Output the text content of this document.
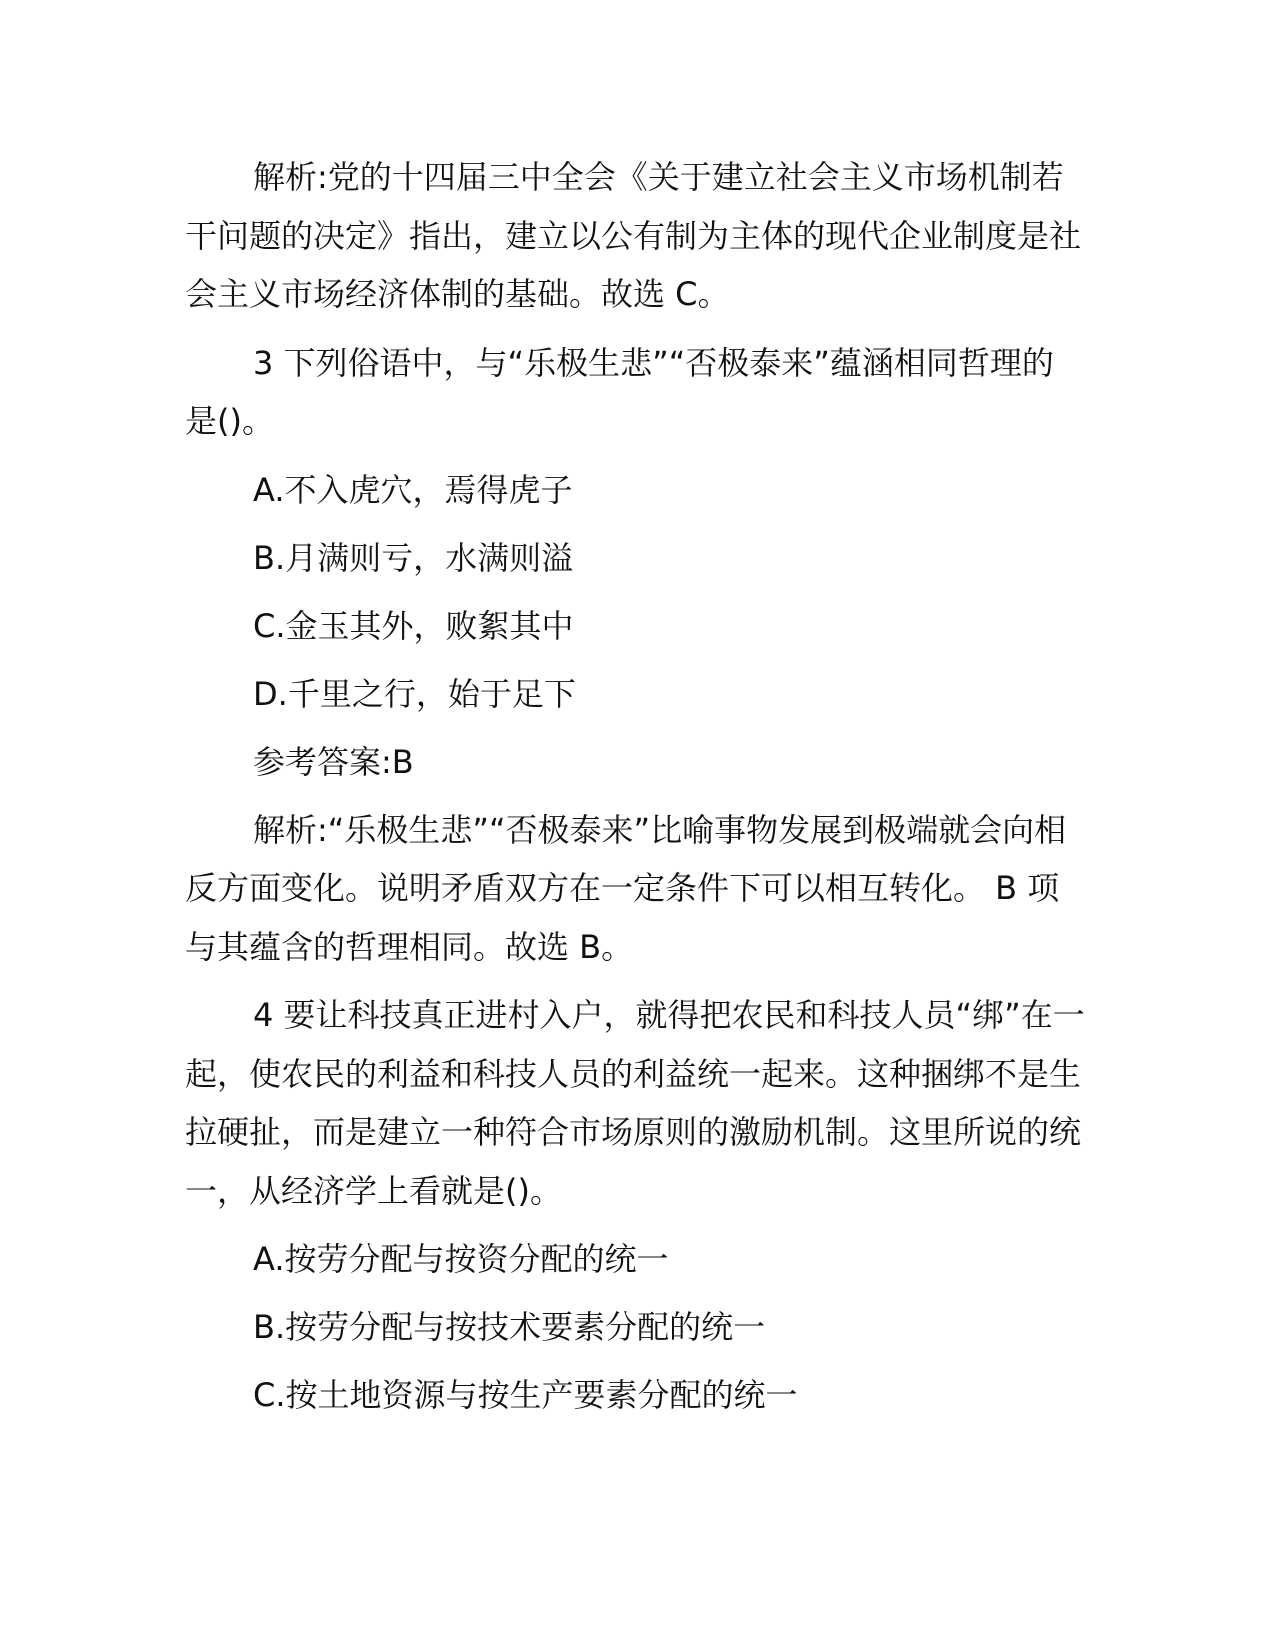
解析:党的十四届三中全会《关于建立社会主义市场机制若干问题的决定》指出，建立以公有制为主体的现代企业制度是社会主义市场经济体制的基础。故选 C。

3 下列俗语中，与“乐极生悲”“否极泰来”蕴涵相同哲理的是()。

A.不入虎穴，焉得虎子

B.月满则亏，水满则溢

C.金玉其外，败絮其中

D.千里之行，始于足下

参考答案:B

解析:“乐极生悲”“否极泰来”比喻事物发展到极端就会向相反方面变化。说明矛盾双方在一定条件下可以相互转化。 B 项与其蕴含的哲理相同。故选 B。

4 要让科技真正进村入户，就得把农民和科技人员“绑”在一起，使农民的利益和科技人员的利益统一起来。这种捆绑不是生拉硬扯，而是建立一种符合市场原则的激励机制。这里所说的统一，从经济学上看就是()。

A.按劳分配与按资分配的统一

B.按劳分配与按技术要素分配的统一

C.按土地资源与按生产要素分配的统一
